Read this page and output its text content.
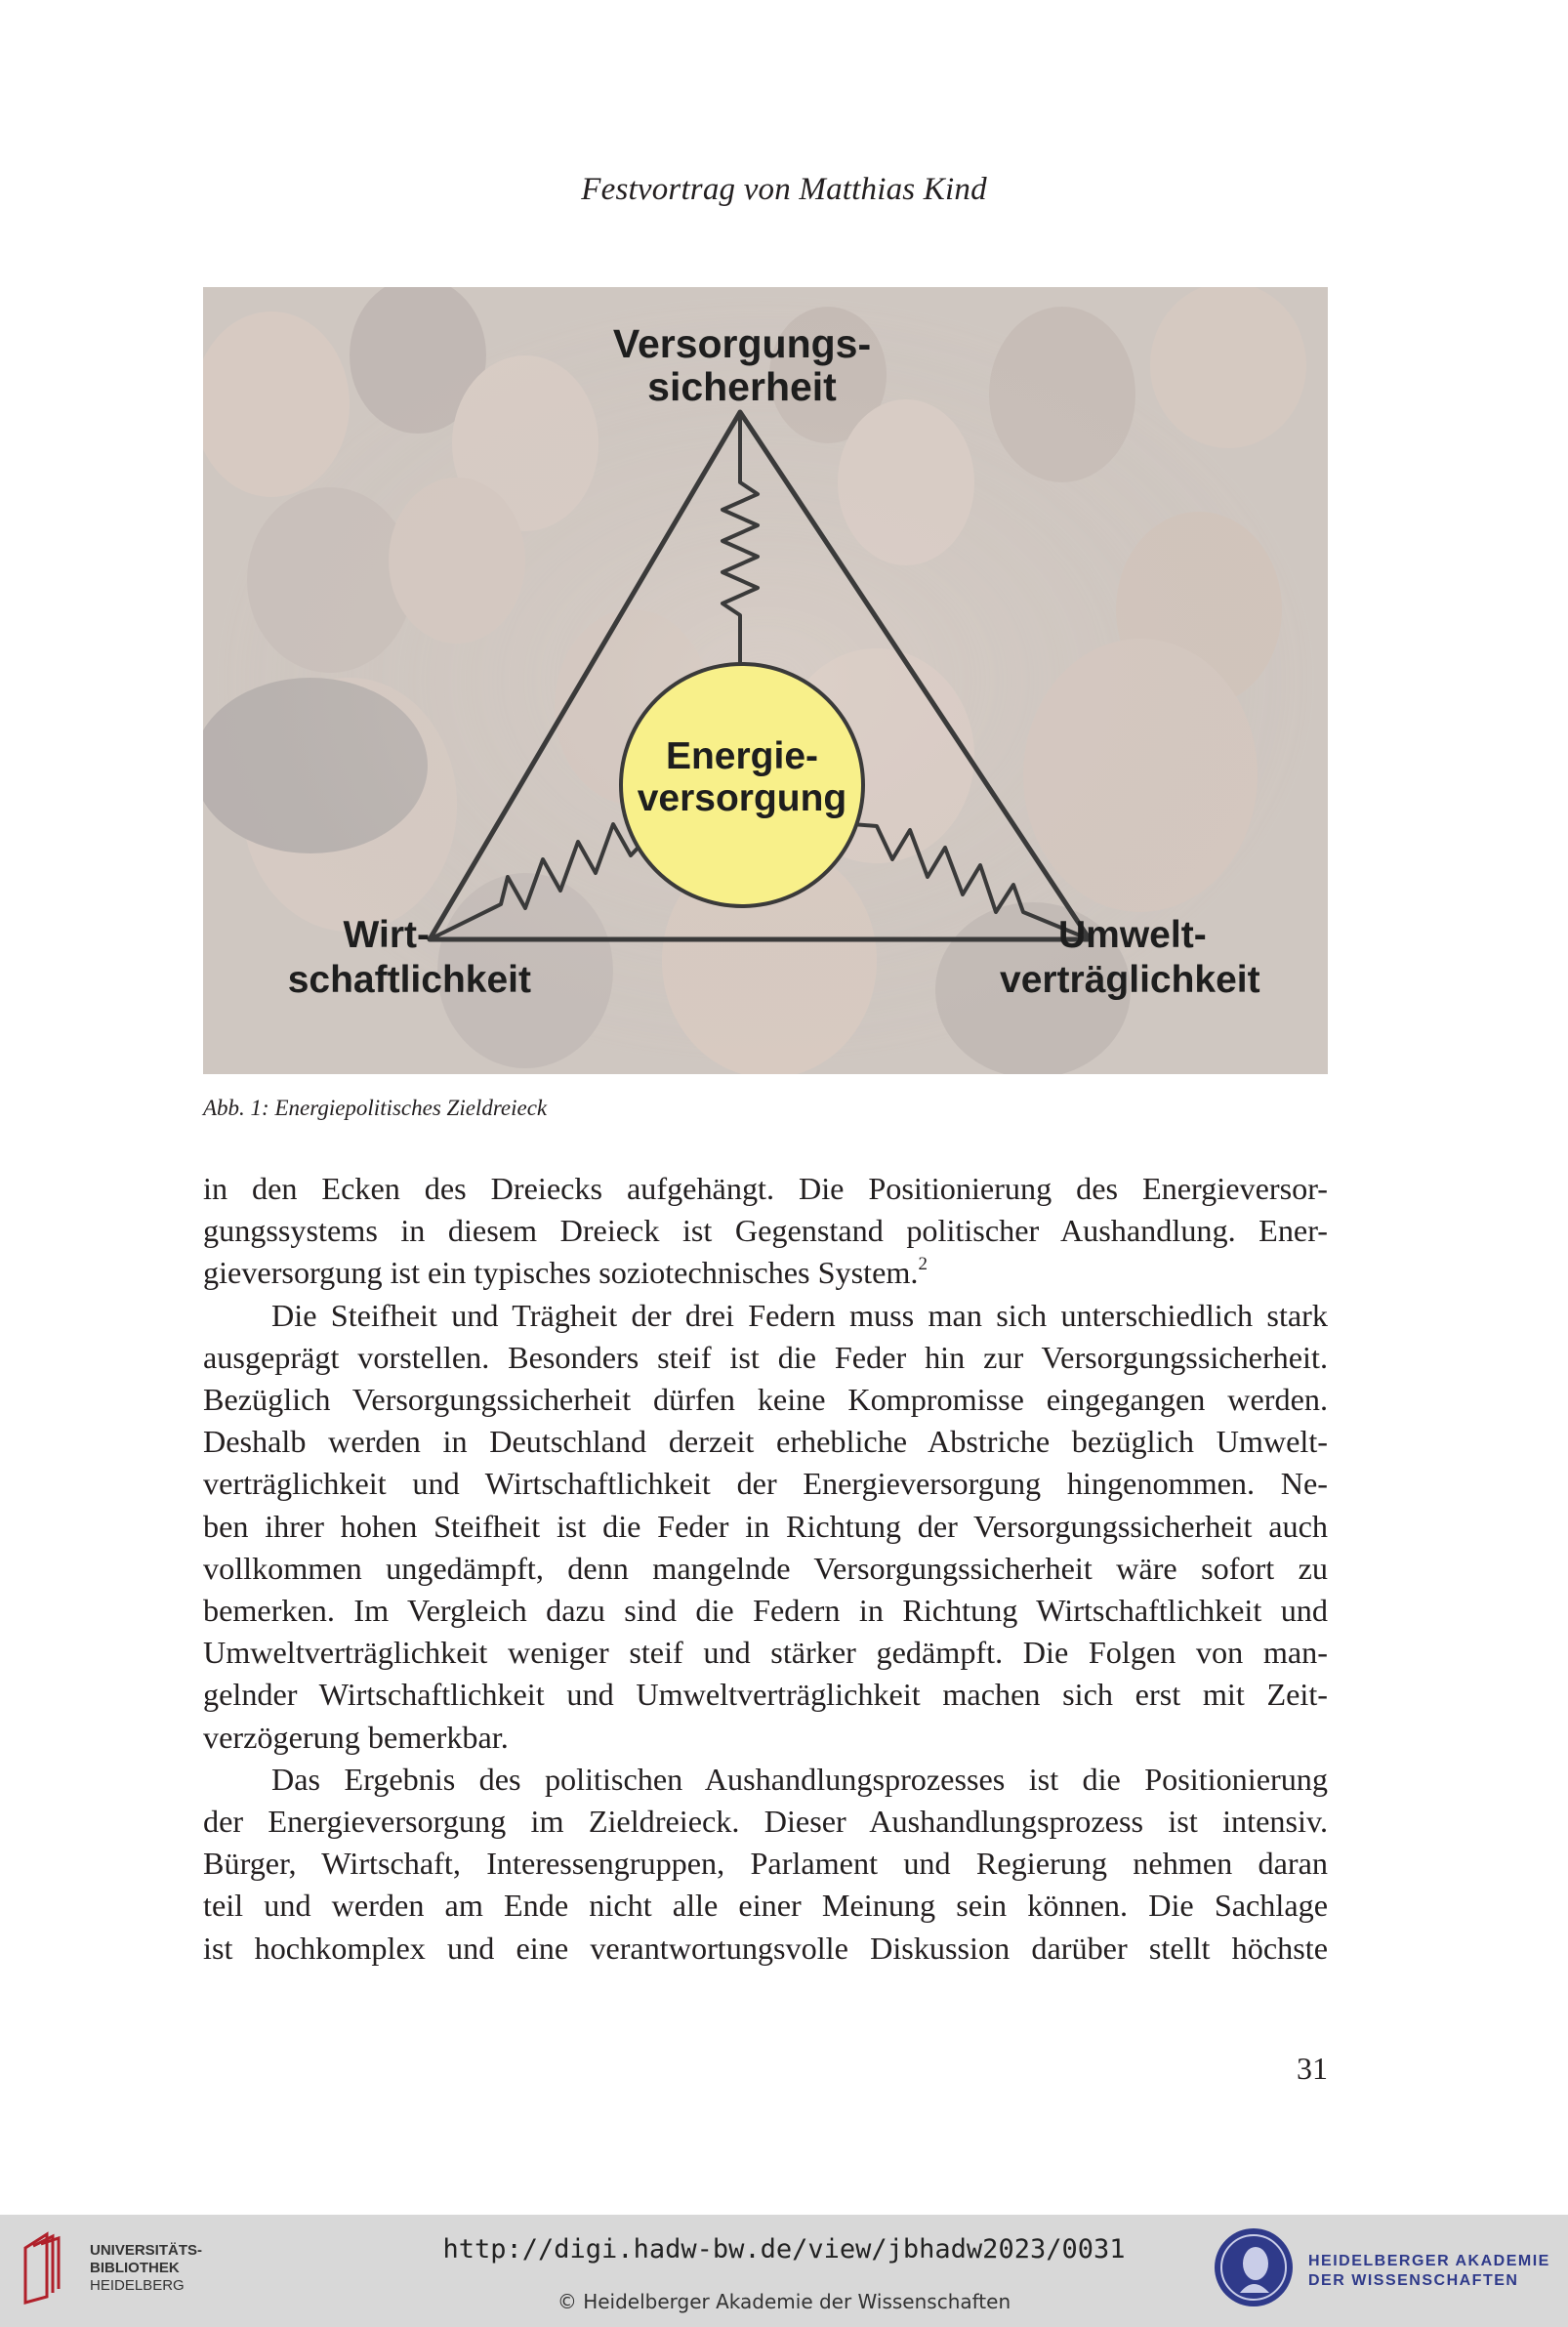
Festvortrag von Matthias Kind
Energie-
versorgung
Versorgungs-
sicherheit
Wirt-
schaftlichkeit
Umwelt-
verträglichkeit
Abb. 1: Energiepolitisches Zieldreieck

in den Ecken des Dreiecks aufgehängt. Die Positionierung des Energieversor-

gungssystems in diesem Dreieck ist Gegenstand politischer Aushandlung. Ener-

gieversorgung ist ein typisches soziotechnisches System.$^2$

Die Steifheit und Trägheit der drei Federn muss man sich unterschiedlich stark

ausgeprägt vorstellen. Besonders steif ist die Feder hin zur Versorgungssicherheit.

Bezüglich Versorgungssicherheit dürfen keine Kompromisse eingegangen werden.

Deshalb werden in Deutschland derzeit erhebliche Abstriche bezüglich Umwelt-

verträglichkeit und Wirtschaftlichkeit der Energieversorgung hingenommen. Ne-

ben ihrer hohen Steifheit ist die Feder in Richtung der Versorgungssicherheit auch

vollkommen ungedämpft, denn mangelnde Versorgungssicherheit wäre sofort zu

bemerken. Im Vergleich dazu sind die Federn in Richtung Wirtschaftlichkeit und

Umweltverträglichkeit weniger steif und stärker gedämpft. Die Folgen von man-

gelnder Wirtschaftlichkeit und Umweltverträglichkeit machen sich erst mit Zeit-

verzögerung bemerkbar.

Das Ergebnis des politischen Aushandlungsprozesses ist die Positionierung

der Energieversorgung im Zieldreieck. Dieser Aushandlungsprozess ist intensiv.

Bürger, Wirtschaft, Interessengruppen, Parlament und Regierung nehmen daran

teil und werden am Ende nicht alle einer Meinung sein können. Die Sachlage

ist hochkomplex und eine verantwortungsvolle Diskussion darüber stellt höchste

31
UNIVERSITÄTS-
BIBLIOTHEK
HEIDELBERG
http://digi.hadw-bw.de/view/jbhadw2023/0031
© Heidelberger Akademie der Wissenschaften
HEIDELBERGER AKADEMIE
DER WISSENSCHAFTEN
